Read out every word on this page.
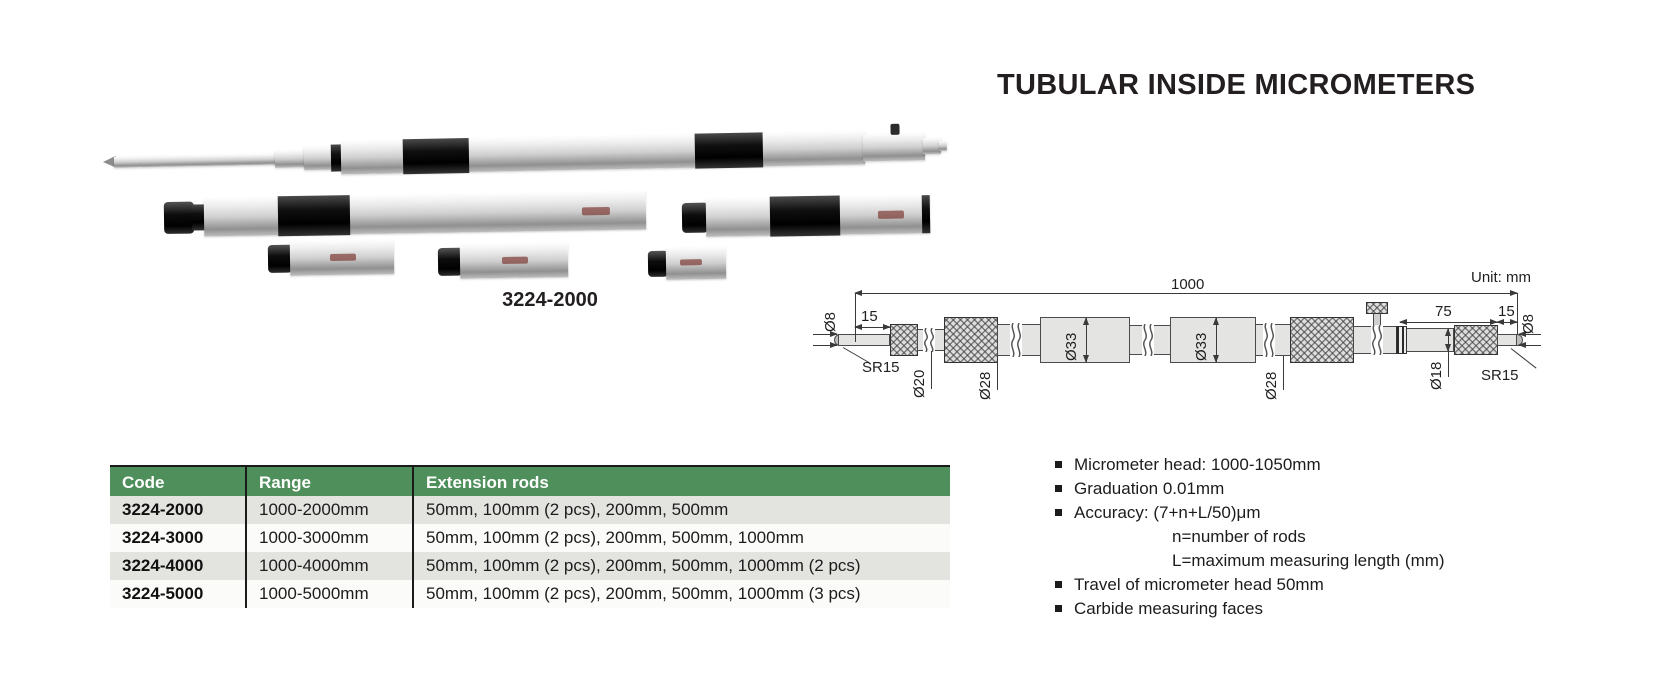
TUBULAR INSIDE MICROMETERS
3224-2000
Unit: mm
1000
15	75	15
Ø8
SR15
Ø20	Ø28
Ø33	Ø33
Ø28	Ø18
Ø8
SR15
Code	Range	Extension rods
3224-2000	1000-2000mm	50mm, 100mm (2 pcs), 200mm, 500mm
3224-3000	1000-3000mm	50mm, 100mm (2 pcs), 200mm, 500mm, 1000mm
3224-4000	1000-4000mm	50mm, 100mm (2 pcs), 200mm, 500mm, 1000mm (2 pcs)
3224-5000	1000-5000mm	50mm, 100mm (2 pcs), 200mm, 500mm, 1000mm (3 pcs)
Micrometer head: 1000-1050mm
Graduation 0.01mm
Accuracy: (7+n+L/50)μm
n=number of rods
L=maximum measuring length (mm)
Travel of micrometer head 50mm
Carbide measuring faces
